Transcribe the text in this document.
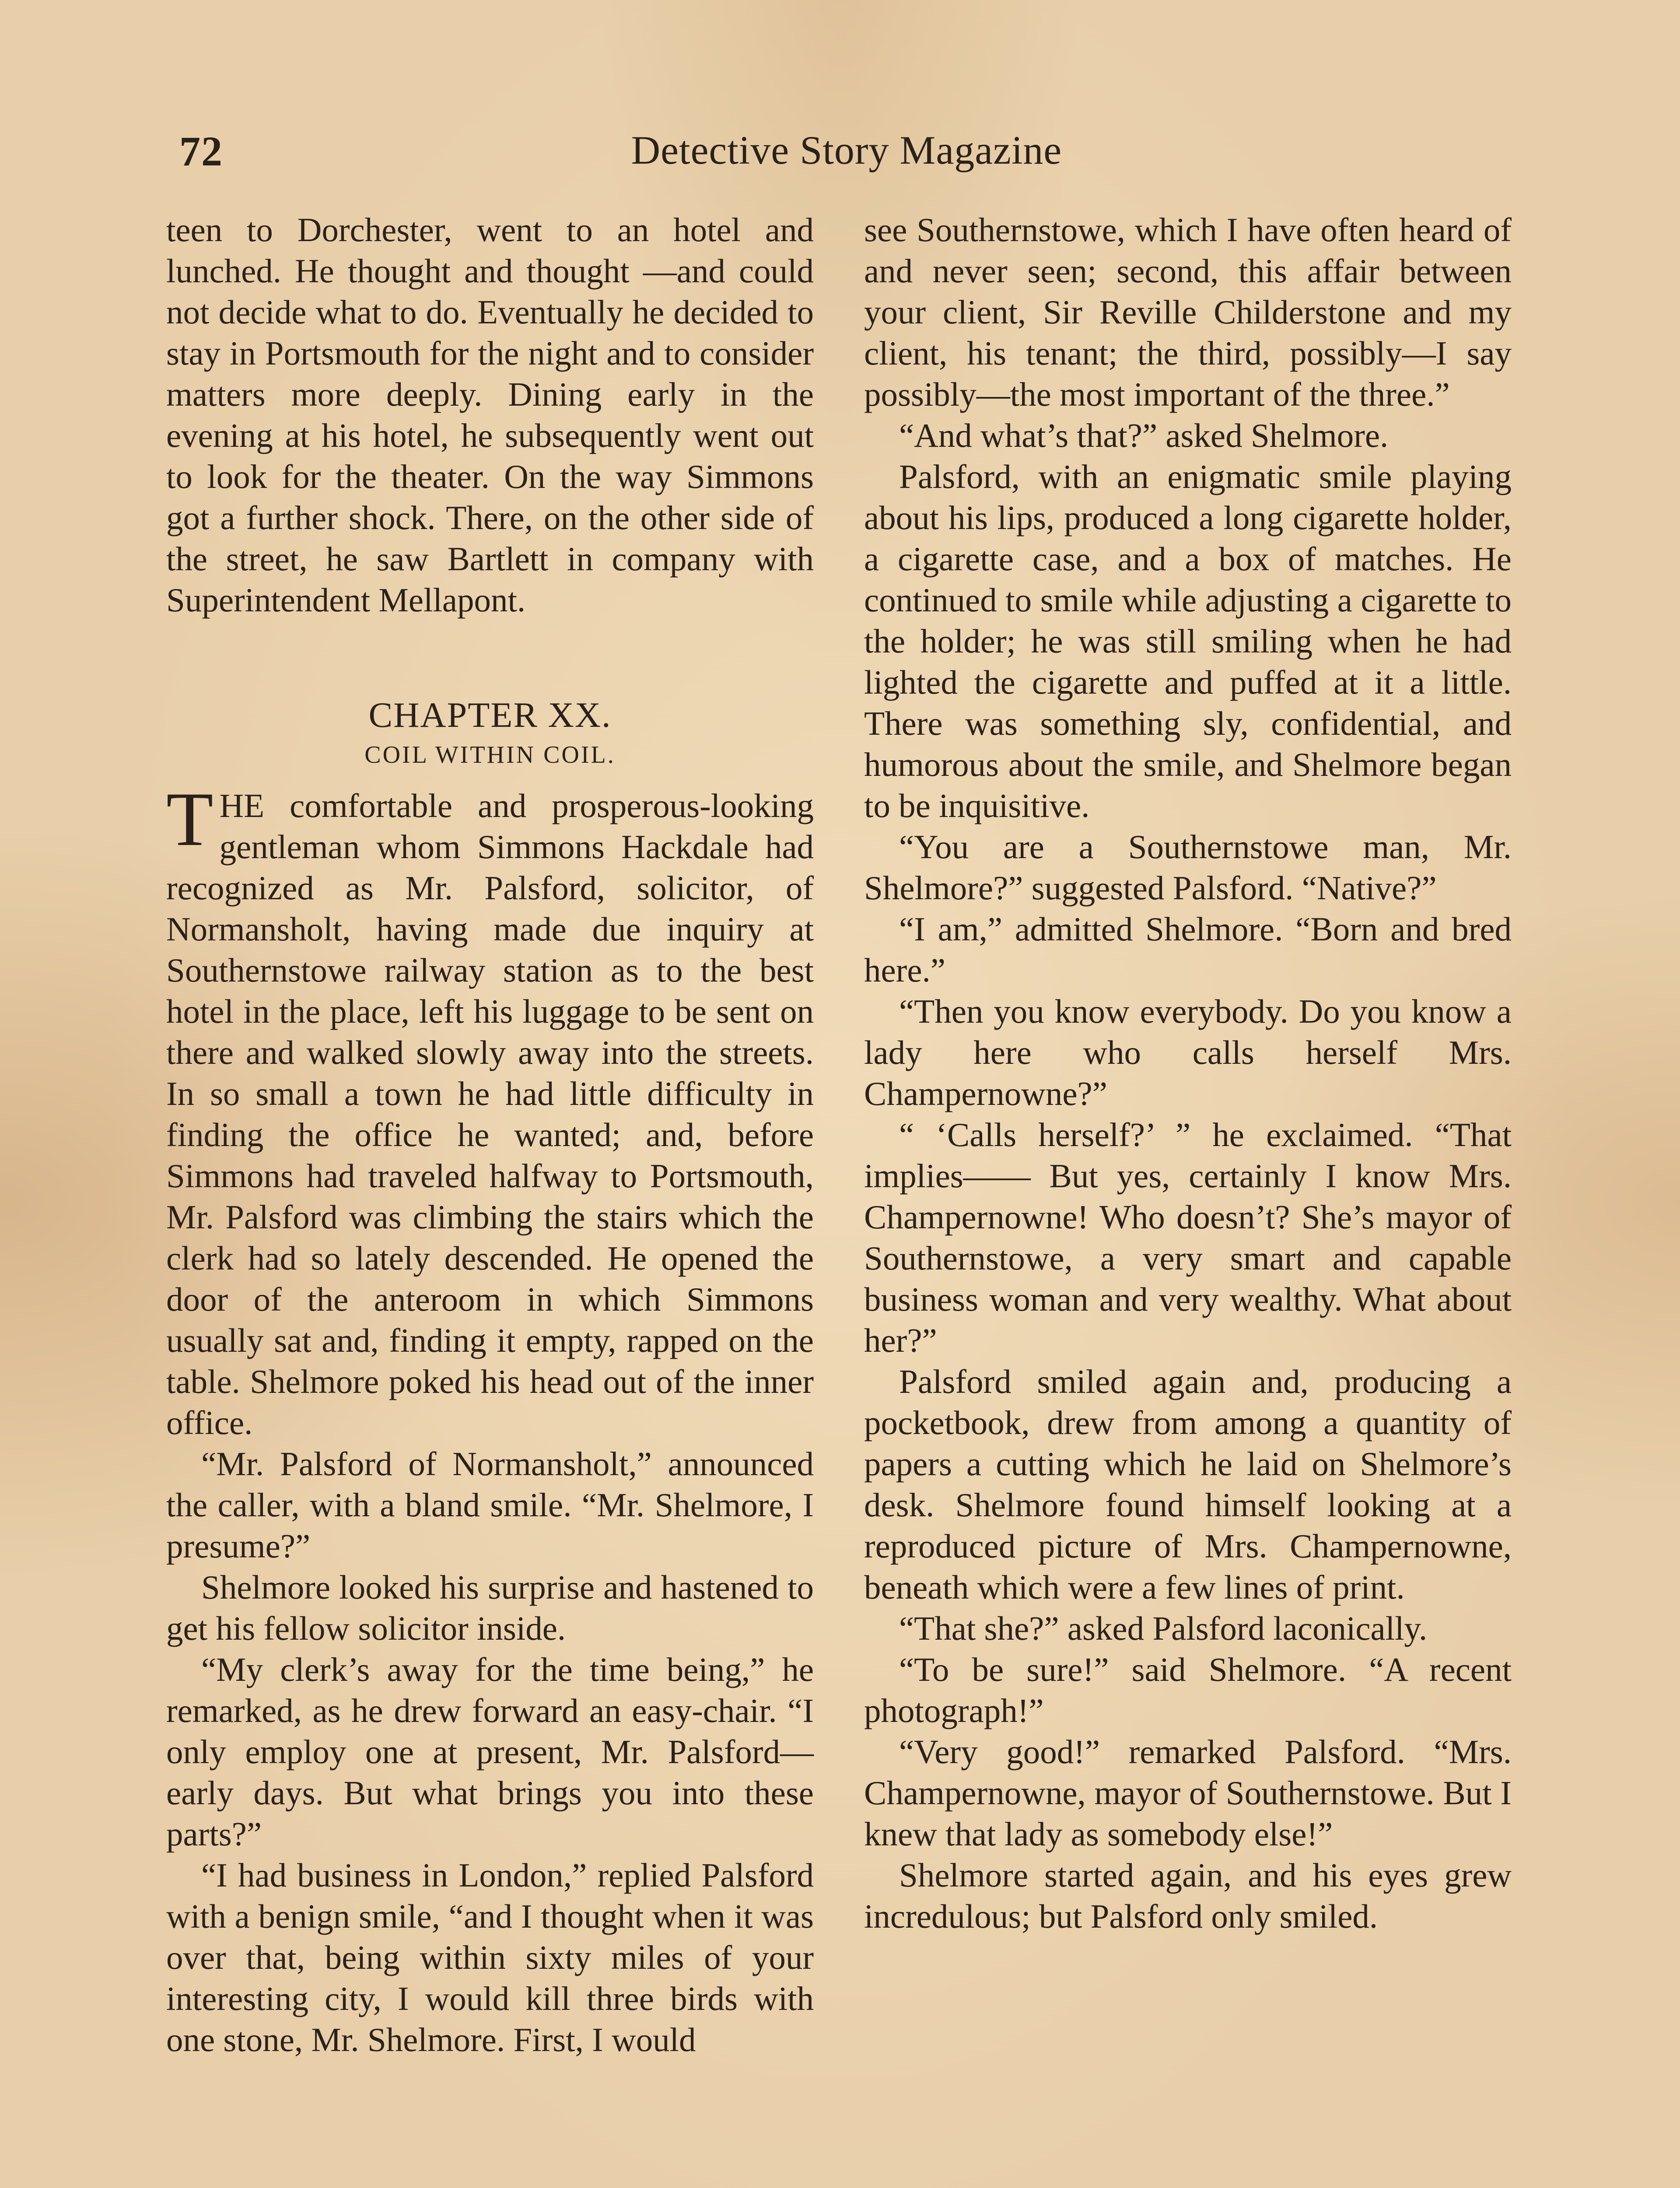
72	Detective Story Magazine

teen to Dorchester, went to an hotel and lunched. He thought and thought —and could not decide what to do. Eventually he decided to stay in Portsmouth for the night and to consider matters more deeply. Dining early in the evening at his hotel, he subsequently went out to look for the theater. On the way Simmons got a further shock. There, on the other side of the street, he saw Bartlett in company with Superintendent Mellapont.

CHAPTER XX.
COIL WITHIN COIL.

THE comfortable and prosperous-looking gentleman whom Simmons Hackdale had recognized as Mr. Palsford, solicitor, of Normansholt, having made due inquiry at Southernstowe railway station as to the best hotel in the place, left his luggage to be sent on there and walked slowly away into the streets. In so small a town he had little difficulty in finding the office he wanted; and, before Simmons had traveled halfway to Portsmouth, Mr. Palsford was climbing the stairs which the clerk had so lately descended. He opened the door of the anteroom in which Simmons usually sat and, finding it empty, rapped on the table. Shelmore poked his head out of the inner office.

“Mr. Palsford of Normansholt,” announced the caller, with a bland smile. “Mr. Shelmore, I presume?”

Shelmore looked his surprise and hastened to get his fellow solicitor inside.

“My clerk’s away for the time being,” he remarked, as he drew forward an easy-chair. “I only employ one at present, Mr. Palsford—early days. But what brings you into these parts?”

“I had business in London,” replied Palsford with a benign smile, “and I thought when it was over that, being within sixty miles of your interesting city, I would kill three birds with one stone, Mr. Shelmore. First, I would

see Southernstowe, which I have often heard of and never seen; second, this affair between your client, Sir Reville Childerstone and my client, his tenant; the third, possibly—I say possibly—the most important of the three.”

“And what’s that?” asked Shelmore.

Palsford, with an enigmatic smile playing about his lips, produced a long cigarette holder, a cigarette case, and a box of matches. He continued to smile while adjusting a cigarette to the holder; he was still smiling when he had lighted the cigarette and puffed at it a little. There was something sly, confidential, and humorous about the smile, and Shelmore began to be inquisitive.

“You are a Southernstowe man, Mr. Shelmore?” suggested Palsford. “Native?”

“I am,” admitted Shelmore. “Born and bred here.”

“Then you know everybody. Do you know a lady here who calls herself Mrs. Champernowne?”

“ ‘Calls herself?’ ” he exclaimed. “That implies—— But yes, certainly I know Mrs. Champernowne! Who doesn’t? She’s mayor of Southernstowe, a very smart and capable business woman and very wealthy. What about her?”

Palsford smiled again and, producing a pocketbook, drew from among a quantity of papers a cutting which he laid on Shelmore’s desk. Shelmore found himself looking at a reproduced picture of Mrs. Champernowne, beneath which were a few lines of print.

“That she?” asked Palsford laconically.

“To be sure!” said Shelmore. “A recent photograph!”

“Very good!” remarked Palsford. “Mrs. Champernowne, mayor of Southernstowe. But I knew that lady as somebody else!”

Shelmore started again, and his eyes grew incredulous; but Palsford only smiled.
